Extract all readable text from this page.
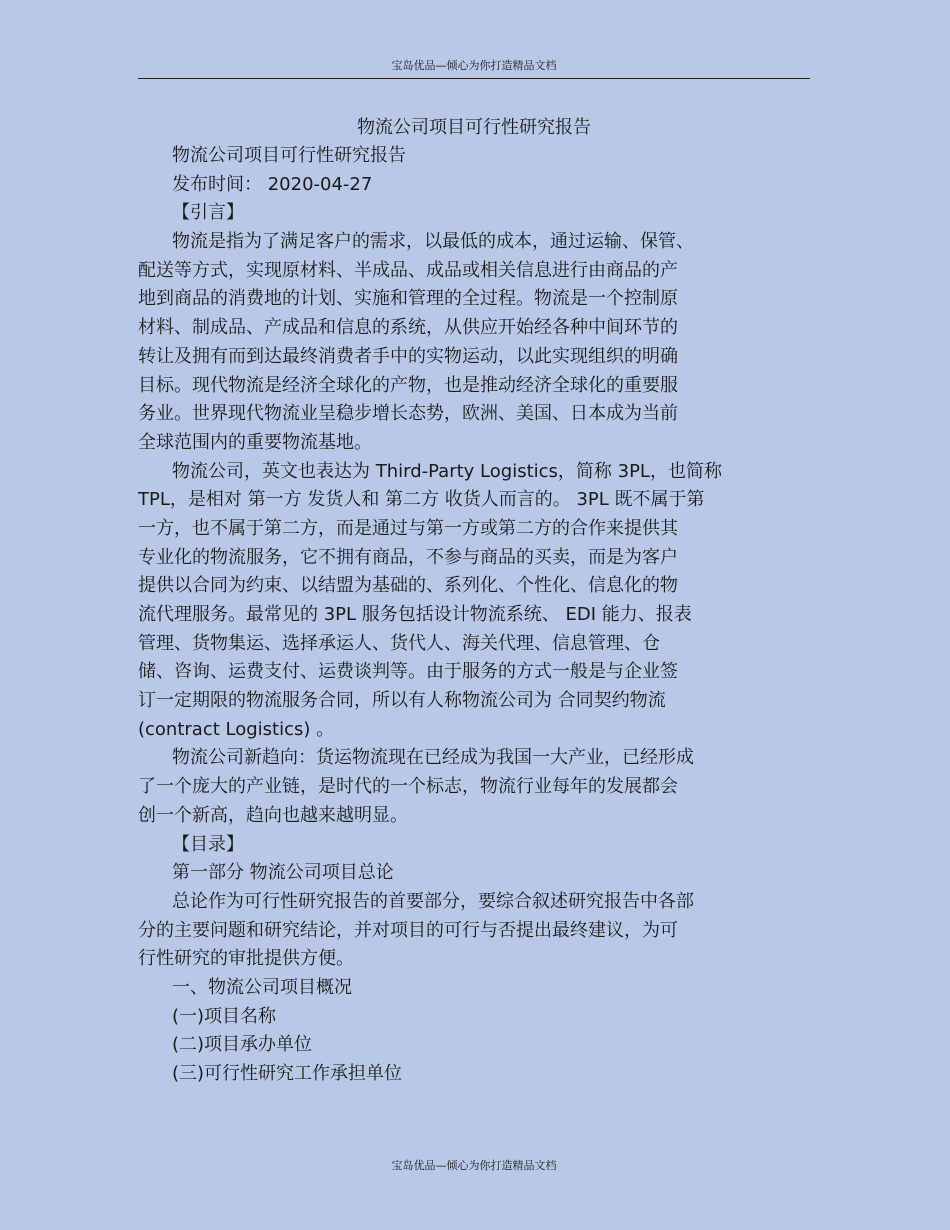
宝岛优品—倾心为你打造精品文档
物流公司项目可行性研究报告
物流公司项目可行性研究报告
发布时间： 2020-04-27
【引言】
物流是指为了满足客户的需求，以最低的成本，通过运输、保管、
配送等方式，实现原材料、半成品、成品或相关信息进行由商品的产
地到商品的消费地的计划、实施和管理的全过程。物流是一个控制原
材料、制成品、产成品和信息的系统，从供应开始经各种中间环节的
转让及拥有而到达最终消费者手中的实物运动，以此实现组织的明确
目标。现代物流是经济全球化的产物，也是推动经济全球化的重要服
务业。世界现代物流业呈稳步增长态势，欧洲、美国、日本成为当前
全球范围内的重要物流基地。
物流公司，英文也表达为 Third-Party Logistics，简称 3PL，也简称
TPL，是相对 第一方 发货人和 第二方 收货人而言的。 3PL 既不属于第
一方，也不属于第二方，而是通过与第一方或第二方的合作来提供其
专业化的物流服务，它不拥有商品，不参与商品的买卖，而是为客户
提供以合同为约束、以结盟为基础的、系列化、个性化、信息化的物
流代理服务。最常见的 3PL 服务包括设计物流系统、 EDI 能力、报表
管理、货物集运、选择承运人、货代人、海关代理、信息管理、仓
储、咨询、运费支付、运费谈判等。由于服务的方式一般是与企业签
订一定期限的物流服务合同，所以有人称物流公司为 合同契约物流
(contract Logistics) 。
物流公司新趋向：货运物流现在已经成为我国一大产业，已经形成
了一个庞大的产业链，是时代的一个标志，物流行业每年的发展都会
创一个新高，趋向也越来越明显。
【目录】
第一部分 物流公司项目总论
总论作为可行性研究报告的首要部分，要综合叙述研究报告中各部
分的主要问题和研究结论，并对项目的可行与否提出最终建议，为可
行性研究的审批提供方便。
一、物流公司项目概况
(一)项目名称
(二)项目承办单位
(三)可行性研究工作承担单位
宝岛优品—倾心为你打造精品文档
